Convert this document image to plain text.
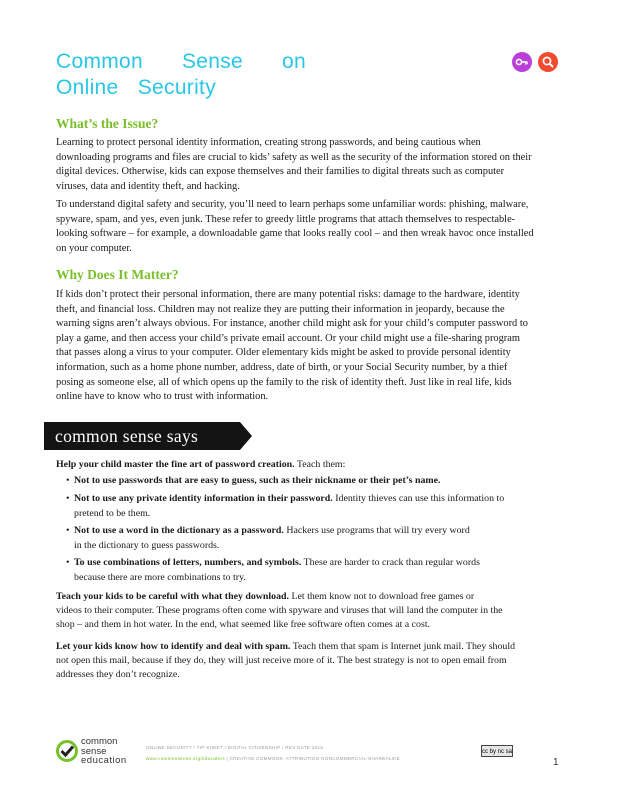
Common Sense on
Online Security
What’s the Issue?
Learning to protect personal identity information, creating strong passwords, and being cautious when
downloading programs and files are crucial to kids’ safety as well as the security of the information stored on their
digital devices. Otherwise, kids can expose themselves and their families to digital threats such as computer
viruses, data and identity theft, and hacking.
To understand digital safety and security, you’ll need to learn perhaps some unfamiliar words: phishing, malware,
spyware, spam, and yes, even junk. These refer to greedy little programs that attach themselves to respectable-
looking software – for example, a downloadable game that looks really cool – and then wreak havoc once installed
on your computer.
Why Does It Matter?
If kids don’t protect their personal information, there are many potential risks: damage to the hardware, identity
theft, and financial loss. Children may not realize they are putting their information in jeopardy, because the
warning signs aren’t always obvious. For instance, another child might ask for your child’s computer password to
play a game, and then access your child’s private email account. Or your child might use a file-sharing program
that passes along a virus to your computer. Older elementary kids might be asked to provide personal identity
information, such as a home phone number, address, date of birth, or your Social Security number, by a thief
posing as someone else, all of which opens up the family to the risk of identity theft. Just like in real life, kids
online have to know who to trust with information.
common sense says

Help your child master the fine art of password creation. Teach them:

• Not to use passwords that are easy to guess, such as their nickname or their pet’s name.
• Not to use any private identity information in their password. Identity thieves can use this information to
pretend to be them.
• Not to use a word in the dictionary as a password. Hackers use programs that will try every word
in the dictionary to guess passwords.
• To use combinations of letters, numbers, and symbols. These are harder to crack than regular words
because there are more combinations to try.

Teach your kids to be careful with what they download. Let them know not to download free games or

videos to their computer. These programs often come with spyware and viruses that will land the computer in the

shop – and them in hot water. In the end, what seemed like free software often comes at a cost.

Let your kids know how to identify and deal with spam. Teach them that spam is Internet junk mail. They should

not open this mail, because if they do, they will just receive more of it. The best strategy is not to open email from

addresses they don’t recognize.

common
sense
education
ONLINE SECURITY / TIP SHEET / DIGITAL CITIZENSHIP / REV DATE 2016
www.commonsense.org/educators | CREATIVE COMMONS: ATTRIBUTION-NONCOMMERCIAL-SHAREALIKE
cc by nc sa
1
